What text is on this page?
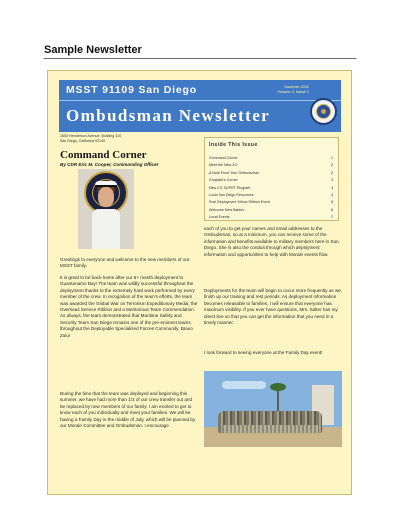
Sample Newsletter
MSST 91109 San Diego
Ombudsman Newsletter
Summer 2011
Volume 4, Issue 1
1650 Henderson Avenue, Building 310
San Diego, California 92140
Command Corner
By CDR Eric M. Cooper, Commanding Officer
Inside This Issue
Command Corner	1
Meet the New XO	2
A Note From Your Ombudsman	2
Chaplain's Corner	3
New CG SUPRT Program	4
Local San Diego Resources	4
Post Deployment Yellow Ribbon Event	5
Welcome New Babies	6
Local Events	7
each of you to get your names and email addresses to the Ombudsman, so at a minimum, you can receive some of the information and benefits available to military members here in San Diego. She is also the conduit through which deployment information and opportunities to help with Morale events flow.
Greetings to everyone and welcome to the new members of our MSST family.
It is great to be back home after our 6+ month deployment to Guantanamo Bay! The team was wildly successful throughout the deployment thanks to the extremely hard work performed by every member of the crew. In recognition of the team's efforts, the team was awarded the Global War on Terrorism Expeditionary Medal, the Overseas Service Ribbon and a Meritorious Team Commendation. As always, the team demonstrated that Maritime Safety and Security Team San Diego remains one of the pre-eminent teams throughout the Deployable Specialized Forces Community. Bravo Zulu!
Deployments for the team will begin to occur more frequently as we finish up our training and rest periods. As deployment information becomes releasable to families, I will ensure that everyone has maximum visibility. If you ever have questions, Mrs. Salter has my direct line so that you can get the information that you need in a timely manner.
I look forward to seeing everyone at the Family Day event!
During the time that the team was deployed and beginning this summer, we have had more than 1/3 of our crew transfer out and be replaced by new members of our family. I am excited to get to know each of you individually and meet your families. We will be having a Family Day in the middle of July, which will be planned by our Morale Committee and Ombudsman. I encourage
